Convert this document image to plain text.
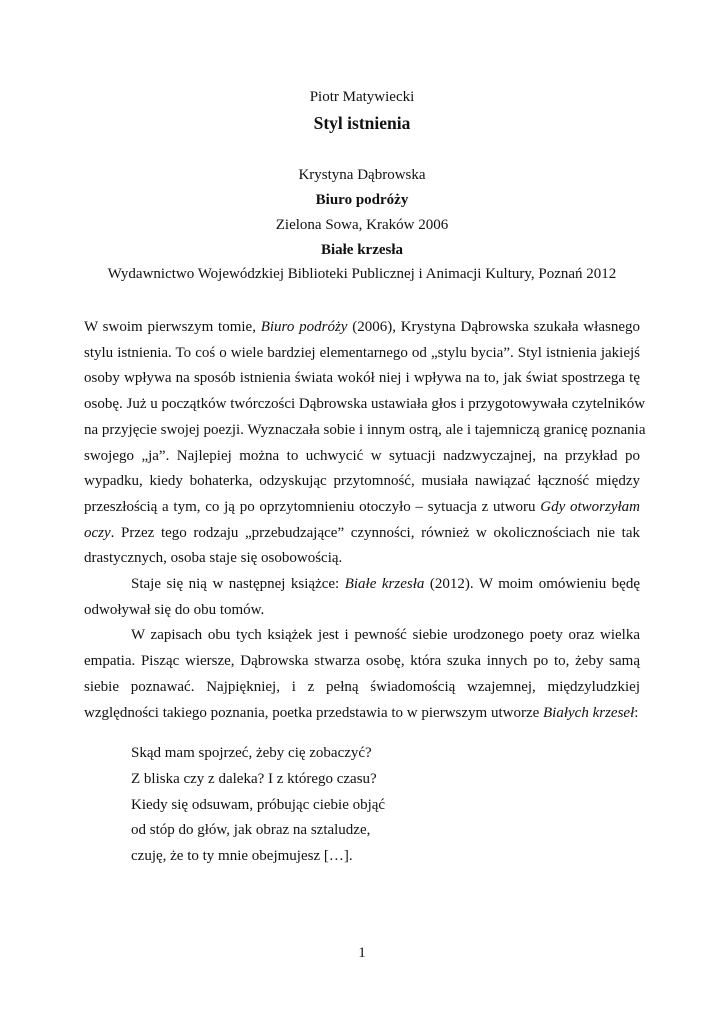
Piotr Matywiecki
Styl istnienia
Krystyna Dąbrowska
Biuro podróży
Zielona Sowa, Kraków 2006
Białe krzesła
Wydawnictwo Wojewódzkiej Biblioteki Publicznej i Animacji Kultury, Poznań 2012

W swoim pierwszym tomie, Biuro podróży (2006), Krystyna Dąbrowska szukała własnego
stylu istnienia. To coś o wiele bardziej elementarnego od „stylu bycia”. Styl istnienia jakiejś
osoby wpływa na sposób istnienia świata wokół niej i wpływa na to, jak świat spostrzega tę
osobę. Już u początków twórczości Dąbrowska ustawiała głos i przygotowywała czytelników
na przyjęcie swojej poezji. Wyznaczała sobie i innym ostrą, ale i tajemniczą granicę poznania
swojego „ja”. Najlepiej można to uchwycić w sytuacji nadzwyczajnej, na przykład po
wypadku, kiedy bohaterka, odzyskując przytomność, musiała nawiązać łączność między
przeszłością a tym, co ją po oprzytomnieniu otoczyło – sytuacja z utworu Gdy otworzyłam
oczy. Przez tego rodzaju „przebudzające” czynności, również w okolicznościach nie tak
drastycznych, osoba staje się osobowością.

Staje się nią w następnej książce: Białe krzesła (2012). W moim omówieniu będę
odwoływał się do obu tomów.

W zapisach obu tych książek jest i pewność siebie urodzonego poety oraz wielka
empatia. Pisząc wiersze, Dąbrowska stwarza osobę, która szuka innych po to, żeby samą
siebie poznawać. Najpiękniej, i z pełną świadomością wzajemnej, międzyludzkiej
względności takiego poznania, poetka przedstawia to w pierwszym utworze Białych krzeseł:

Skąd mam spojrzeć, żeby cię zobaczyć?
Z bliska czy z daleka? I z którego czasu?
Kiedy się odsuwam, próbując ciebie objąć
od stóp do głów, jak obraz na sztaludze,
czuję, że to ty mnie obejmujesz […].
1
